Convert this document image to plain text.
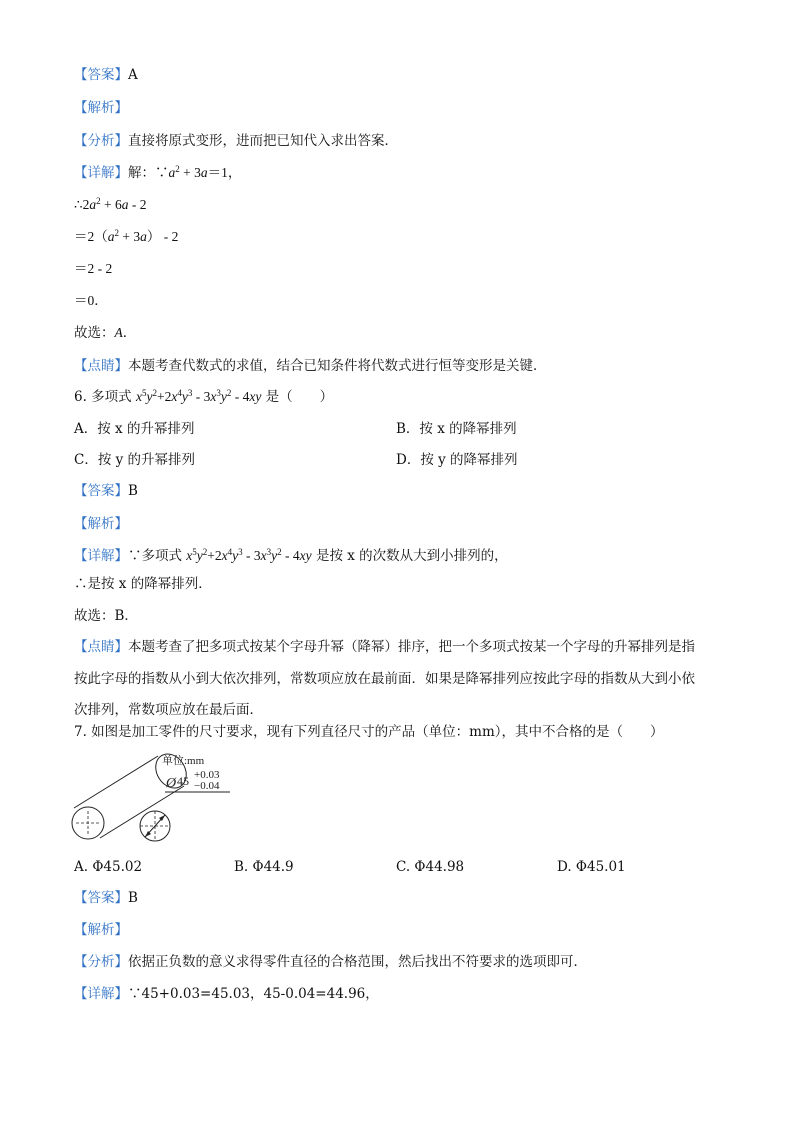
【答案】A
【解析】
【分析】直接将原式变形，进而把已知代入求出答案．
【详解】解：$\because a^2 + 3a=1$，
$\therefore 2a^2 + 6a - 2$
$=2(a^2 + 3a) - 2$
＝2 - 2
＝0．
故选：A．
【点睛】本题考查代数式的求值，结合已知条件将代数式进行恒等变形是关键．
6. 多项式 $x^5y^2+2x^4y^3 - 3x^3y^2 - 4xy$ 是（　　）
A．按 x 的升幂排列	B．按 x 的降幂排列
C．按 y 的升幂排列	D．按 y 的降幂排列
【答案】B
【解析】
【详解】∵多项式 $x^5y^2+2x^4y^3 - 3x^3y^2 - 4xy$ 是按 x 的次数从大到小排列的，
∴是按 x 的降幂排列．
故选：B．
【点睛】本题考查了把多项式按某个字母升幂（降幂）排序，把一个多项式按某一个字母的升幂排列是指
按此字母的指数从小到大依次排列，常数项应放在最前面．如果是降幂排列应按此字母的指数从大到小依
次排列，常数项应放在最后面．
7. 如图是加工零件的尺寸要求，现有下列直径尺寸的产品（单位：mm），其中不合格的是（　　）
单位:mm
Ø 45 +0.03
−0.04
A. Φ45.02	B. Φ44.9	C. Φ44.98	D. Φ45.01
【答案】B
【解析】
【分析】依据正负数的意义求得零件直径的合格范围，然后找出不符要求的选项即可．
【详解】∵45+0.03=45.03，45-0.04=44.96，
